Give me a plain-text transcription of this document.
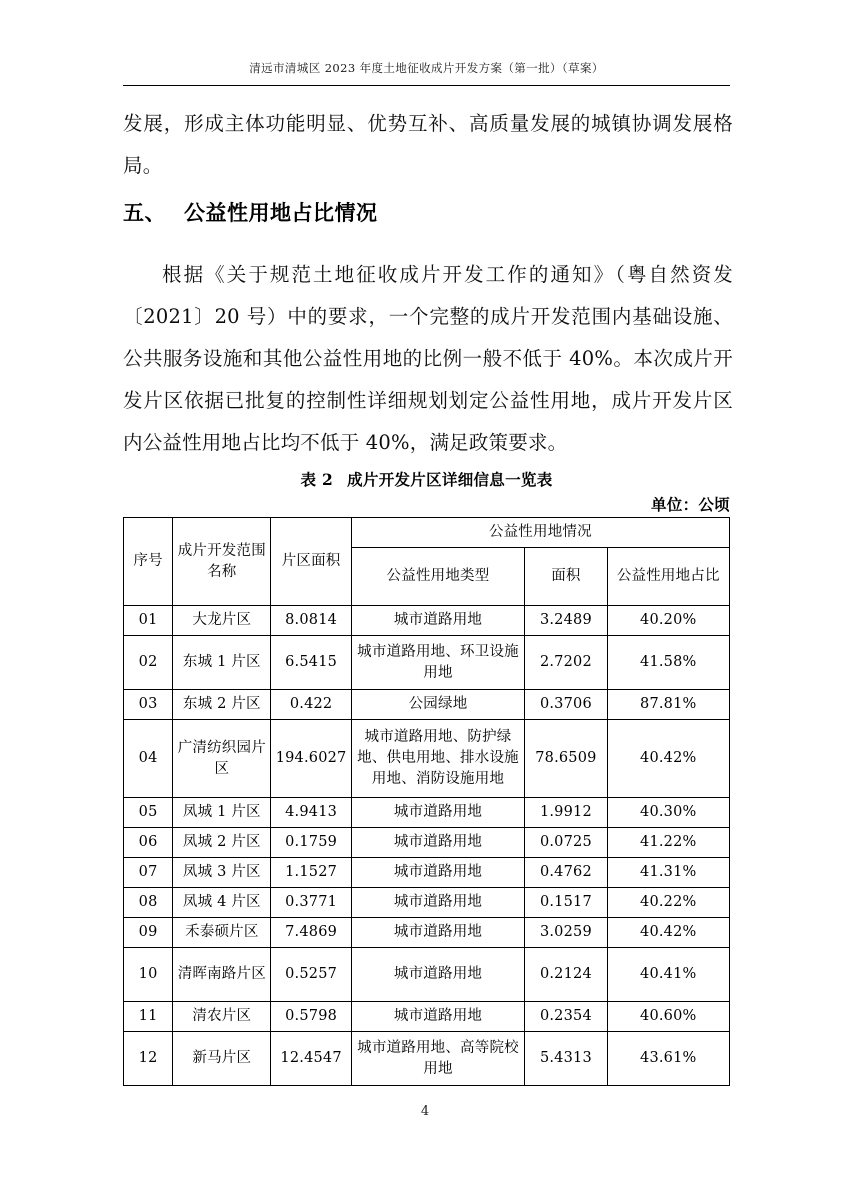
清远市清城区 2023 年度土地征收成片开发方案（第一批）（草案）

发展，形成主体功能明显、优势互补、高质量发展的城镇协调发展格局。

五、 公益性用地占比情况

根据《关于规范土地征收成片开发工作的通知》（粤自然资发〔2021〕20 号）中的要求，一个完整的成片开发范围内基础设施、公共服务设施和其他公益性用地的比例一般不低于 40%。本次成片开发片区依据已批复的控制性详细规划划定公益性用地，成片开发片区内公益性用地占比均不低于 40%，满足政策要求。

表 2 成片开发片区详细信息一览表
单位：公顷
序号	成片开发范围名称	片区面积	公益性用地情况		
			公益性用地类型	面积	公益性用地占比
01	大龙片区	8.0814	城市道路用地	3.2489	40.20%
02	东城 1 片区	6.5415	城市道路用地、环卫设施用地	2.7202	41.58%
03	东城 2 片区	0.422	公园绿地	0.3706	87.81%
04	广清纺织园片区	194.6027	城市道路用地、防护绿地、供电用地、排水设施用地、消防设施用地	78.6509	40.42%
05	凤城 1 片区	4.9413	城市道路用地	1.9912	40.30%
06	凤城 2 片区	0.1759	城市道路用地	0.0725	41.22%
07	凤城 3 片区	1.1527	城市道路用地	0.4762	41.31%
08	凤城 4 片区	0.3771	城市道路用地	0.1517	40.22%
09	禾泰硕片区	7.4869	城市道路用地	3.0259	40.42%
10	清晖南路片区	0.5257	城市道路用地	0.2124	40.41%
11	清农片区	0.5798	城市道路用地	0.2354	40.60%
12	新马片区	12.4547	城市道路用地、高等院校用地	5.4313	43.61%
4
